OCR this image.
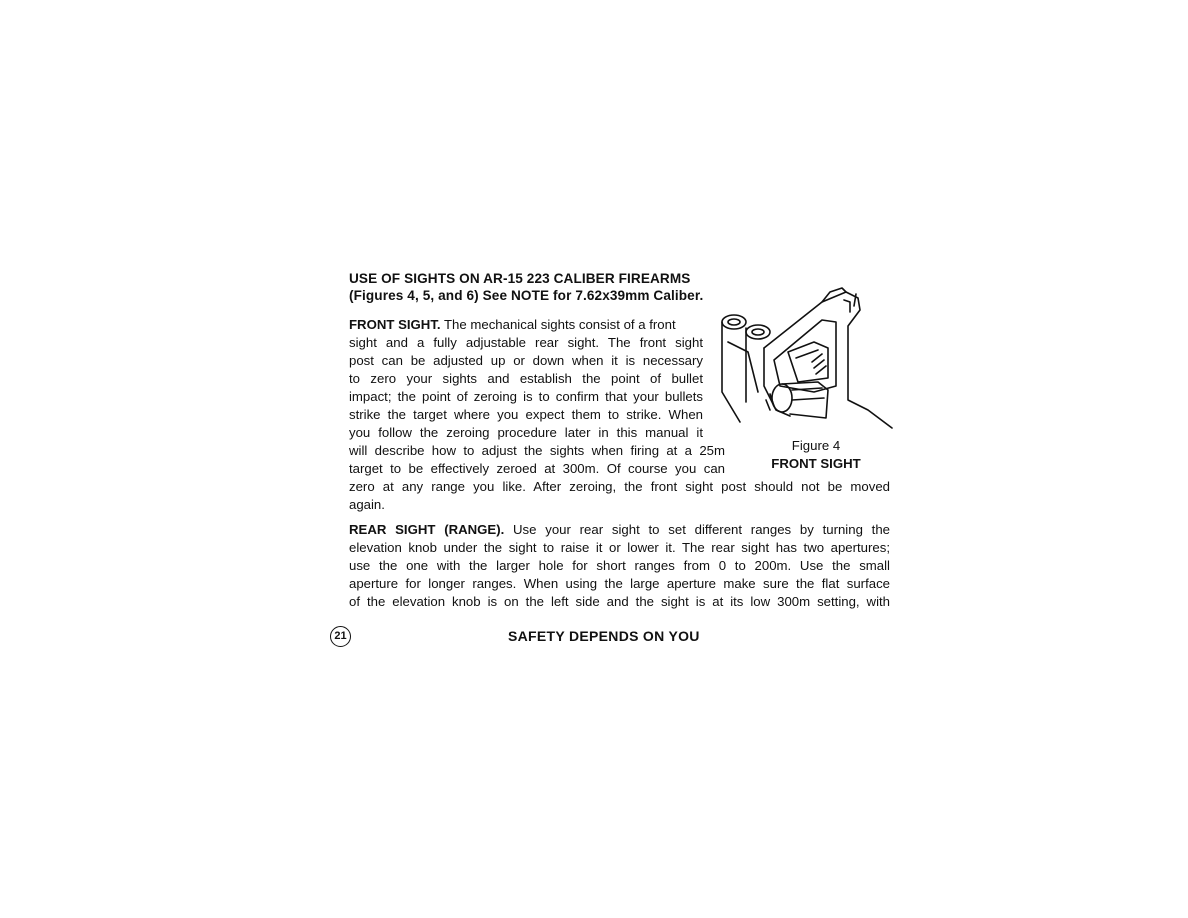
USE OF SIGHTS ON AR-15 223 CALIBER FIREARMS
(Figures 4, 5, and 6) See NOTE for 7.62x39mm Caliber.
FRONT SIGHT. The mechanical sights consist of a front
sight and a fully adjustable rear sight. The front sight
post can be adjusted up or down when it is necessary
to zero your sights and establish the point of bullet
impact; the point of zeroing is to confirm that your bullets
strike the target where you expect them to strike. When
you follow the zeroing procedure later in this manual it
will describe how to adjust the sights when firing at a 25m
target to be effectively zeroed at 300m. Of course you can
zero at any range you like. After zeroing, the front sight post should not be moved
again.
REAR SIGHT (RANGE). Use your rear sight to set different ranges by turning the
elevation knob under the sight to raise it or lower it. The rear sight has two apertures;
use the one with the larger hole for short ranges from 0 to 200m. Use the small
aperture for longer ranges. When using the large aperture make sure the flat surface
of the elevation knob is on the left side and the sight is at its low 300m setting, with
Figure 4
FRONT SIGHT
21	SAFETY DEPENDS ON YOU
